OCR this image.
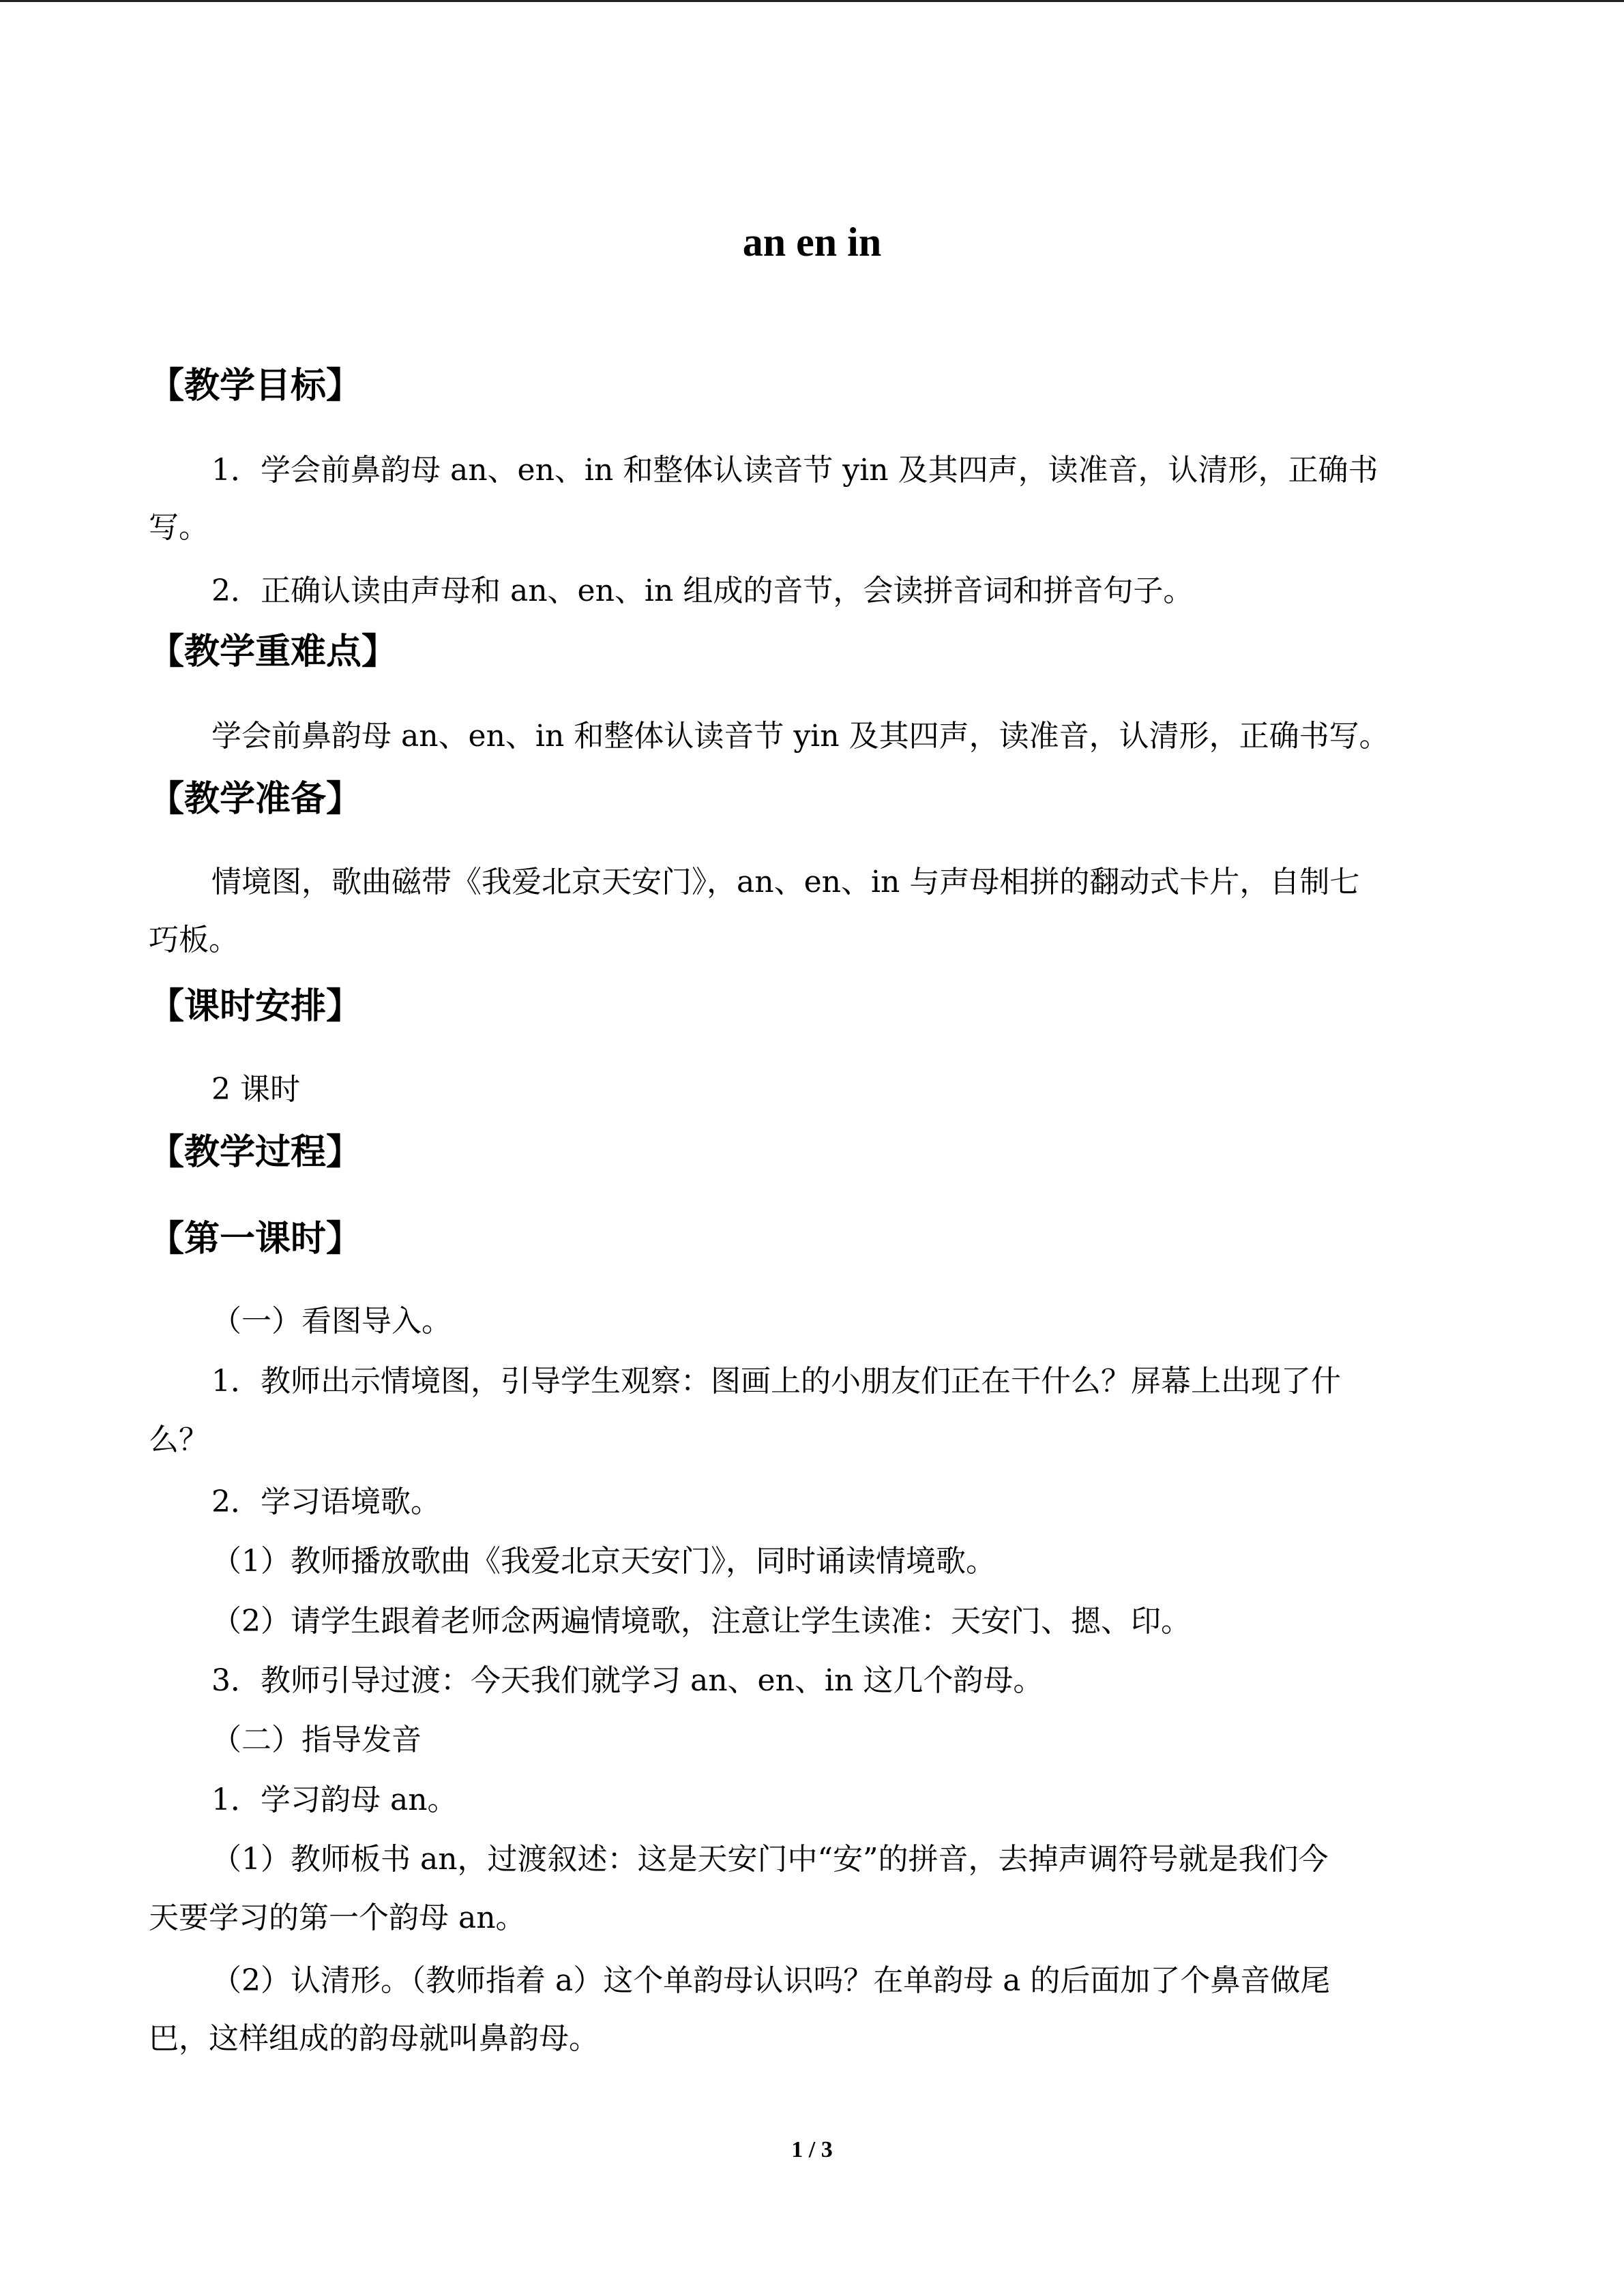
an en in
【教学目标】
1．学会前鼻韵母 an、en、in 和整体认读音节 yin 及其四声，读准音，认清形，正确书
写。
2．正确认读由声母和 an、en、in 组成的音节，会读拼音词和拼音句子。
【教学重难点】
学会前鼻韵母 an、en、in 和整体认读音节 yin 及其四声，读准音，认清形，正确书写。
【教学准备】
情境图，歌曲磁带《我爱北京天安门》，an、en、in 与声母相拼的翻动式卡片，自制七
巧板。
【课时安排】
2 课时
【教学过程】
【第一课时】
（一）看图导入。
1．教师出示情境图，引导学生观察：图画上的小朋友们正在干什么？屏幕上出现了什
么？
2．学习语境歌。
（1）教师播放歌曲《我爱北京天安门》，同时诵读情境歌。
（2）请学生跟着老师念两遍情境歌，注意让学生读准：天安门、摁、印。
3．教师引导过渡：今天我们就学习 an、en、in 这几个韵母。
（二）指导发音
1．学习韵母 an。
（1）教师板书 an，过渡叙述：这是天安门中“安”的拼音，去掉声调符号就是我们今
天要学习的第一个韵母 an。
（2）认清形。（教师指着 a）这个单韵母认识吗？在单韵母 a 的后面加了个鼻音做尾
巴，这样组成的韵母就叫鼻韵母。
1 / 3
